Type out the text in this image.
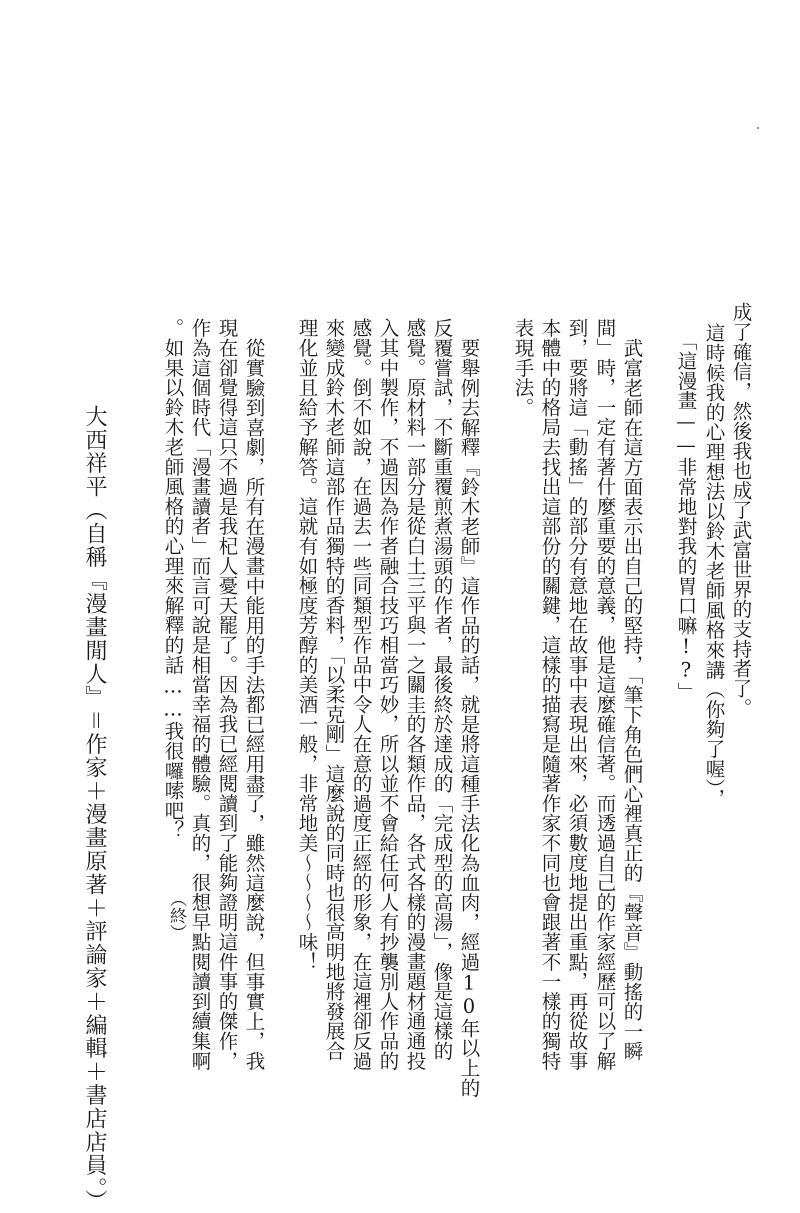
成了確信，然後我也成了武富世界的支持者了。
這時候我的心理想法以鈴木老師風格來講（你夠了喔），
「這漫畫——非常地對我的胃口嘛!?」
武富老師在這方面表示出自己的堅持，「筆下角色們心裡真正的『聲音』動搖的一瞬
間」時，一定有著什麼重要的意義，他是這麼確信著。而透過自己的作家經歷可以了解
到，要將這「動搖」的部分有意地在故事中表現出來，必須數度地提出重點，再從故事
本體中的格局去找出這部份的關鍵，這樣的描寫是隨著作家不同也會跟著不一樣的獨特
表現手法。
要舉例去解釋『鈴木老師』這作品的話，就是將這種手法化為血肉，經過10年以上的
反覆嘗試，不斷重覆煎煮湯頭的作者，最後終於達成的「完成型的高湯」，像是這樣的
感覺。原材料一部分是從白土三平與一之關圭的各類作品，各式各樣的漫畫題材通通投
入其中製作，不過因為作者融合技巧相當巧妙，所以並不會給任何人有抄襲別人作品的
感覺。倒不如說，在過去一些同類型作品中令人在意的過度正經的形象，在這裡卻反過
來變成鈴木老師這部作品獨特的香料，「以柔克剛」這麼說的同時也很高明地將發展合
理化並且給予解答。這就有如極度芳醇的美酒一般，非常地美～～～～味！
從實驗到喜劇，所有在漫畫中能用的手法都已經用盡了，雖然這麼說，但事實上，我
現在卻覺得這只不過是我杞人憂天罷了。因為我已經閱讀到了能夠證明這件事的傑作，
作為這個時代「漫畫讀者」而言可說是相當幸福的體驗。真的，很想早點閱讀到續集啊
。如果以鈴木老師風格的心理來解釋的話……我很囉嗦吧？
（終）
大西祥平（自稱『漫畫閒人』＝作家＋漫畫原著＋評論家＋編輯＋書店店員。）
